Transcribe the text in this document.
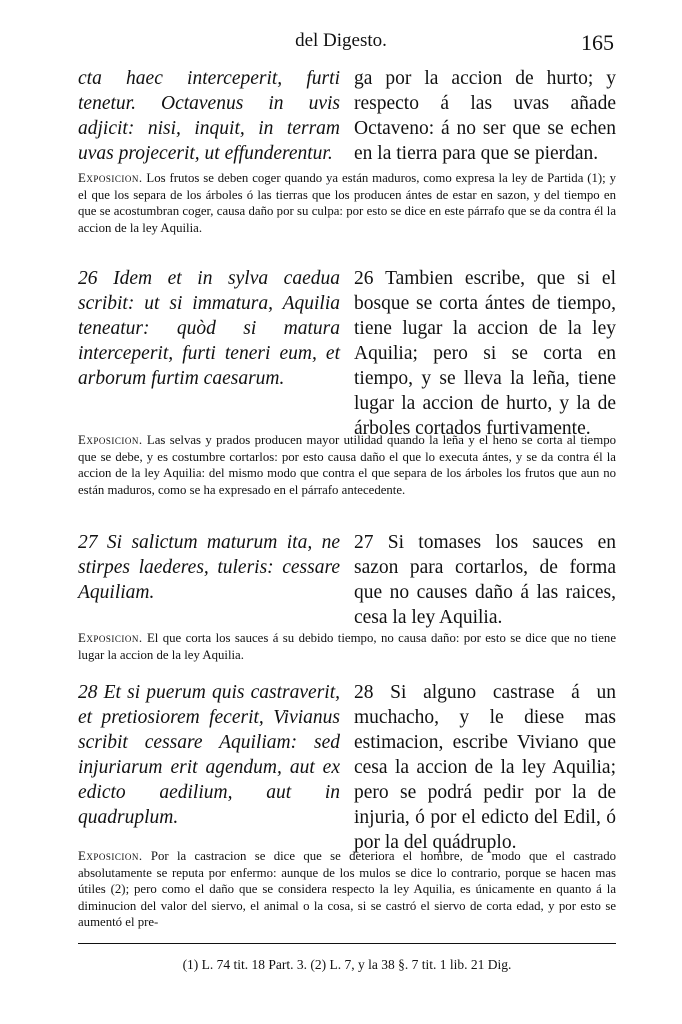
del Digesto.	165
cta haec interceperit, furti tenetur. Octavenus in uvis adjicit: nisi, inquit, in terram uvas projecerit, ut effunderentur.
ga por la accion de hurto; y respecto á las uvas añade Octaveno: á no ser que se echen en la tierra para que se pierdan.
Exposicion. Los frutos se deben coger quando ya están maduros, como expresa la ley de Partida (1); y el que los separa de los árboles ó las tierras que los producen ántes de estar en sazon, y del tiempo en que se acostumbran coger, causa daño por su culpa: por esto se dice en este párrafo que se da contra él la accion de la ley Aquilia.
26 Idem et in sylva caedua scribit: ut si immatura, Aquilia teneatur: quòd si matura interceperit, furti teneri eum, et arborum furtim caesarum.
26 Tambien escribe, que si el bosque se corta ántes de tiempo, tiene lugar la accion de la ley Aquilia; pero si se corta en tiempo, y se lleva la leña, tiene lugar la accion de hurto, y la de árboles cortados furtivamente.
Exposicion. Las selvas y prados producen mayor utilidad quando la leña y el heno se corta al tiempo que se debe, y es costumbre cortarlos: por esto causa daño el que lo executa ántes, y se da contra él la accion de la ley Aquilia: del mismo modo que contra el que separa de los árboles los frutos que aun no están maduros, como se ha expresado en el párrafo antecedente.
27 Si salictum maturum ita, ne stirpes laederes, tuleris: cessare Aquiliam.
27 Si tomases los sauces en sazon para cortarlos, de forma que no causes daño á las raices, cesa la ley Aquilia.
Exposicion. El que corta los sauces á su debido tiempo, no causa daño: por esto se dice que no tiene lugar la accion de la ley Aquilia.
28 Et si puerum quis castraverit, et pretiosiorem fecerit, Vivianus scribit cessare Aquiliam: sed injuriarum erit agendum, aut ex edicto aedilium, aut in quadruplum.
28 Si alguno castrase á un muchacho, y le diese mas estimacion, escribe Viviano que cesa la accion de la ley Aquilia; pero se podrá pedir por la de injuria, ó por el edicto del Edil, ó por la del quádruplo.
Exposicion. Por la castracion se dice que se deteriora el hombre, de modo que el castrado absolutamente se reputa por enfermo: aunque de los mulos se dice lo contrario, porque se hacen mas útiles (2); pero como el daño que se considera respecto la ley Aquilia, es únicamente en quanto á la diminucion del valor del siervo, el animal o la cosa, si se castró el siervo de corta edad, y por esto se aumentó el pre-
(1) L. 74 tit. 18 Part. 3. (2) L. 7, y la 38 §. 7 tit. 1 lib. 21 Dig.
